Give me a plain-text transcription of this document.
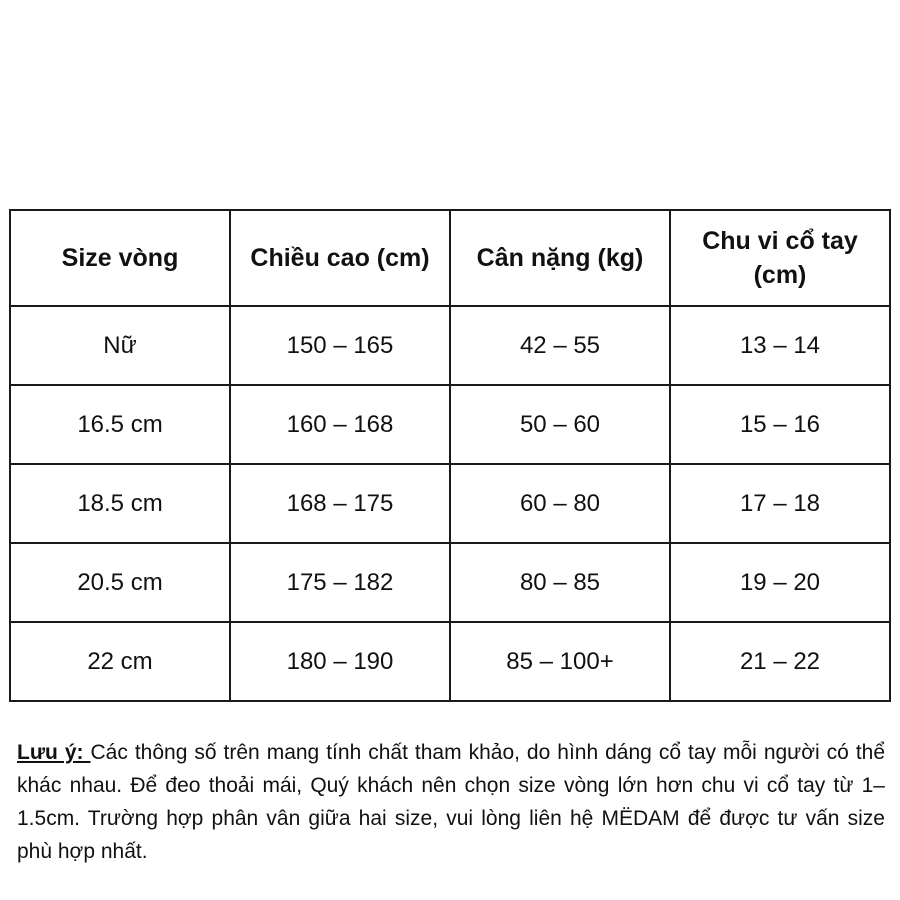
Size vòng	Chiều cao (cm)	Cân nặng (kg)	Chu vi cổ tay (cm)
Nữ	150 – 165	42 – 55	13 – 14
16.5 cm	160 – 168	50 – 60	15 – 16
18.5 cm	168 – 175	60 – 80	17 – 18
20.5 cm	175 – 182	80 – 85	19 – 20
22 cm	180 – 190	85 – 100+	21 – 22

Lưu ý: Các thông số trên mang tính chất tham khảo, do hình dáng cổ tay mỗi người có thể khác nhau. Để đeo thoải mái, Quý khách nên chọn size vòng lớn hơn chu vi cổ tay từ 1–1.5cm. Trường hợp phân vân giữa hai size, vui lòng liên hệ MËDAM để được tư vấn size phù hợp nhất.
